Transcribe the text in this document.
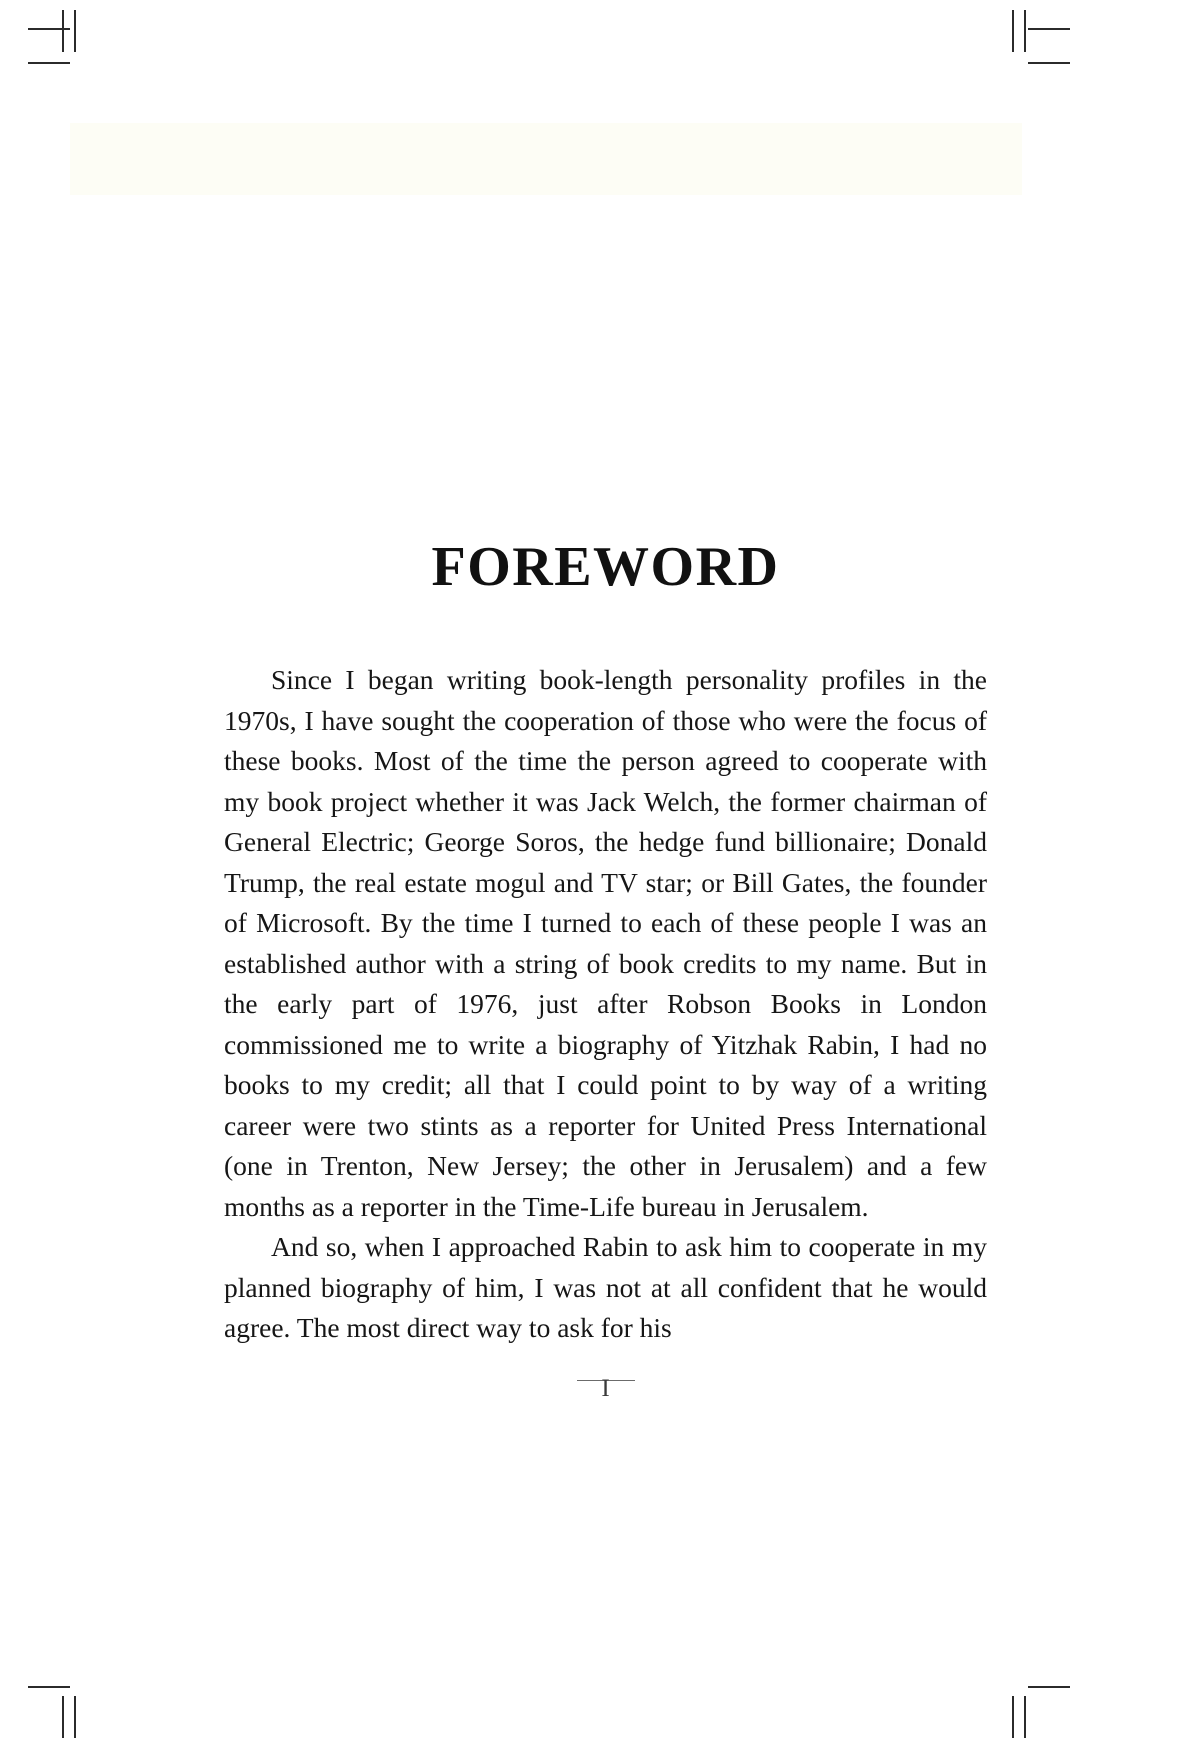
FOREWORD

Since I began writing book-length personality profiles in the 1970s, I have sought the cooperation of those who were the focus of these books. Most of the time the person agreed to cooperate with my book project whether it was Jack Welch, the former chairman of General Electric; George Soros, the hedge fund billionaire; Donald Trump, the real estate mogul and TV star; or Bill Gates, the founder of Microsoft. By the time I turned to each of these people I was an established author with a string of book credits to my name. But in the early part of 1976, just after Robson Books in London commissioned me to write a biography of Yitzhak Rabin, I had no books to my credit; all that I could point to by way of a writing career were two stints as a reporter for United Press International (one in Trenton, New Jersey; the other in Jerusalem) and a few months as a reporter in the Time-Life bureau in Jerusalem.

And so, when I approached Rabin to ask him to cooperate in my planned biography of him, I was not at all confident that he would agree. The most direct way to ask for his

I
